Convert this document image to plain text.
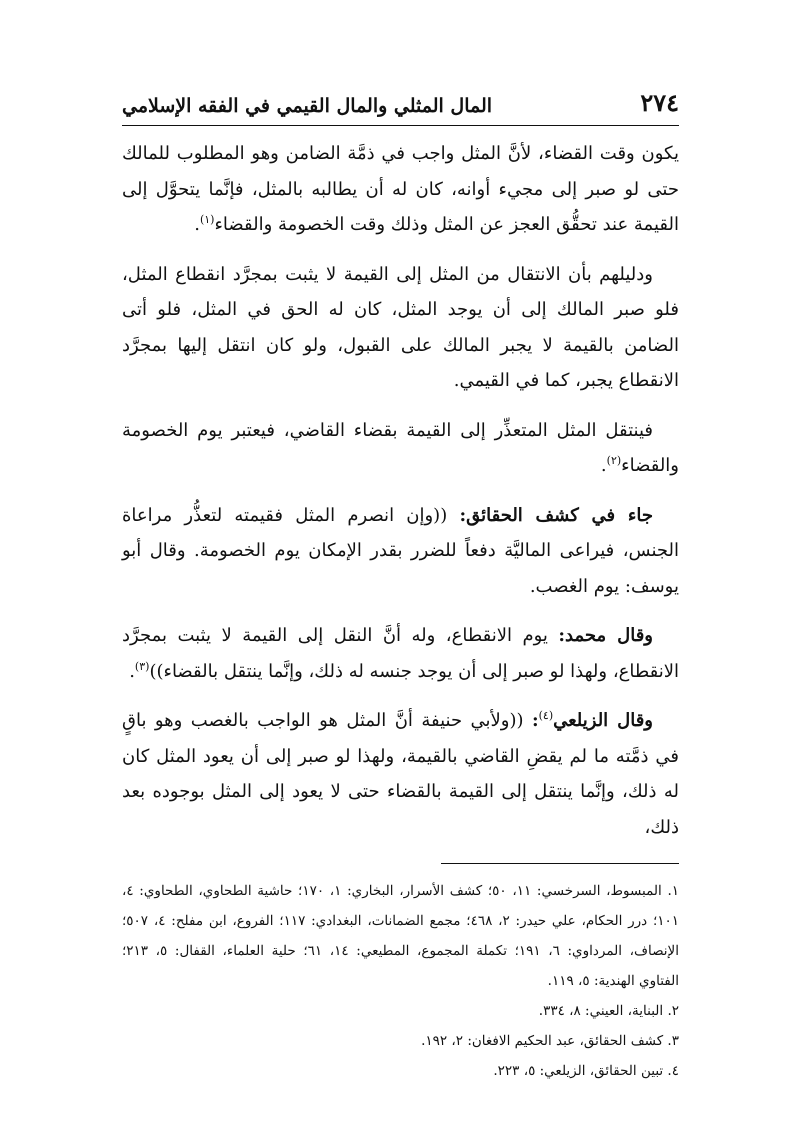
٢٧٤
المال المثلي والمال القيمي في الفقه الإسلامي

يكون وقت القضاء، لأنَّ المثل واجب في ذمَّة الضامن وهو المطلوب للمالك حتى لو صبر إلى مجيء أوانه، كان له أن يطالبه بالمثل، فإنَّما يتحوَّل إلى القيمة عند تحقُّق العجز عن المثل وذلك وقت الخصومة والقضاء$^{(١)}$.

ودليلهم بأن الانتقال من المثل إلى القيمة لا يثبت بمجرَّد انقطاع المثل، فلو صبر المالك إلى أن يوجد المثل، كان له الحق في المثل، فلو أتى الضامن بالقيمة لا يجبر المالك على القبول، ولو كان انتقل إليها بمجرَّد الانقطاع يجبر، كما في القيمي.

فينتقل المثل المتعذِّر إلى القيمة بقضاء القاضي، فيعتبر يوم الخصومة والقضاء$^{(٢)}$.

جاء في كشف الحقائق: ((وإن انصرم المثل فقيمته لتعذُّر مراعاة الجنس، فيراعى الماليَّة دفعاً للضرر بقدر الإمكان يوم الخصومة. وقال أبو يوسف: يوم الغصب.

وقال محمد: يوم الانقطاع، وله أنَّ النقل إلى القيمة لا يثبت بمجرَّد الانقطاع، ولهذا لو صبر إلى أن يوجد جنسه له ذلك، وإنَّما ينتقل بالقضاء))$^{(٣)}$.

وقال الزيلعي$^{(٤)}$: ((ولأبي حنيفة أنَّ المثل هو الواجب بالغصب وهو باقٍ في ذمَّته ما لم يقضِ القاضي بالقيمة، ولهذا لو صبر إلى أن يعود المثل كان له ذلك، وإنَّما ينتقل إلى القيمة بالقضاء حتى لا يعود إلى المثل بوجوده بعد ذلك،

١. المبسوط، السرخسي: ١١، ٥٠؛ كشف الأسرار، البخاري: ١، ١٧٠؛ حاشية الطحاوي، الطحاوي: ٤، ١٠١؛ درر الحكام، علي حيدر: ٢، ٤٦٨؛ مجمع الضمانات، البغدادي: ١١٧؛ الفروع، ابن مفلح: ٤، ٥٠٧؛ الإنصاف، المرداوي: ٦، ١٩١؛ تكملة المجموع، المطيعي: ١٤، ٦١؛ حلية العلماء، القفال: ٥، ٢١٣؛ الفتاوي الهندية: ٥، ١١٩.
٢. البناية، العيني: ٨، ٣٣٤.
٣. كشف الحقائق، عبد الحكيم الافغان: ٢، ١٩٢.
٤. تبين الحقائق، الزيلعي: ٥، ٢٢٣.
